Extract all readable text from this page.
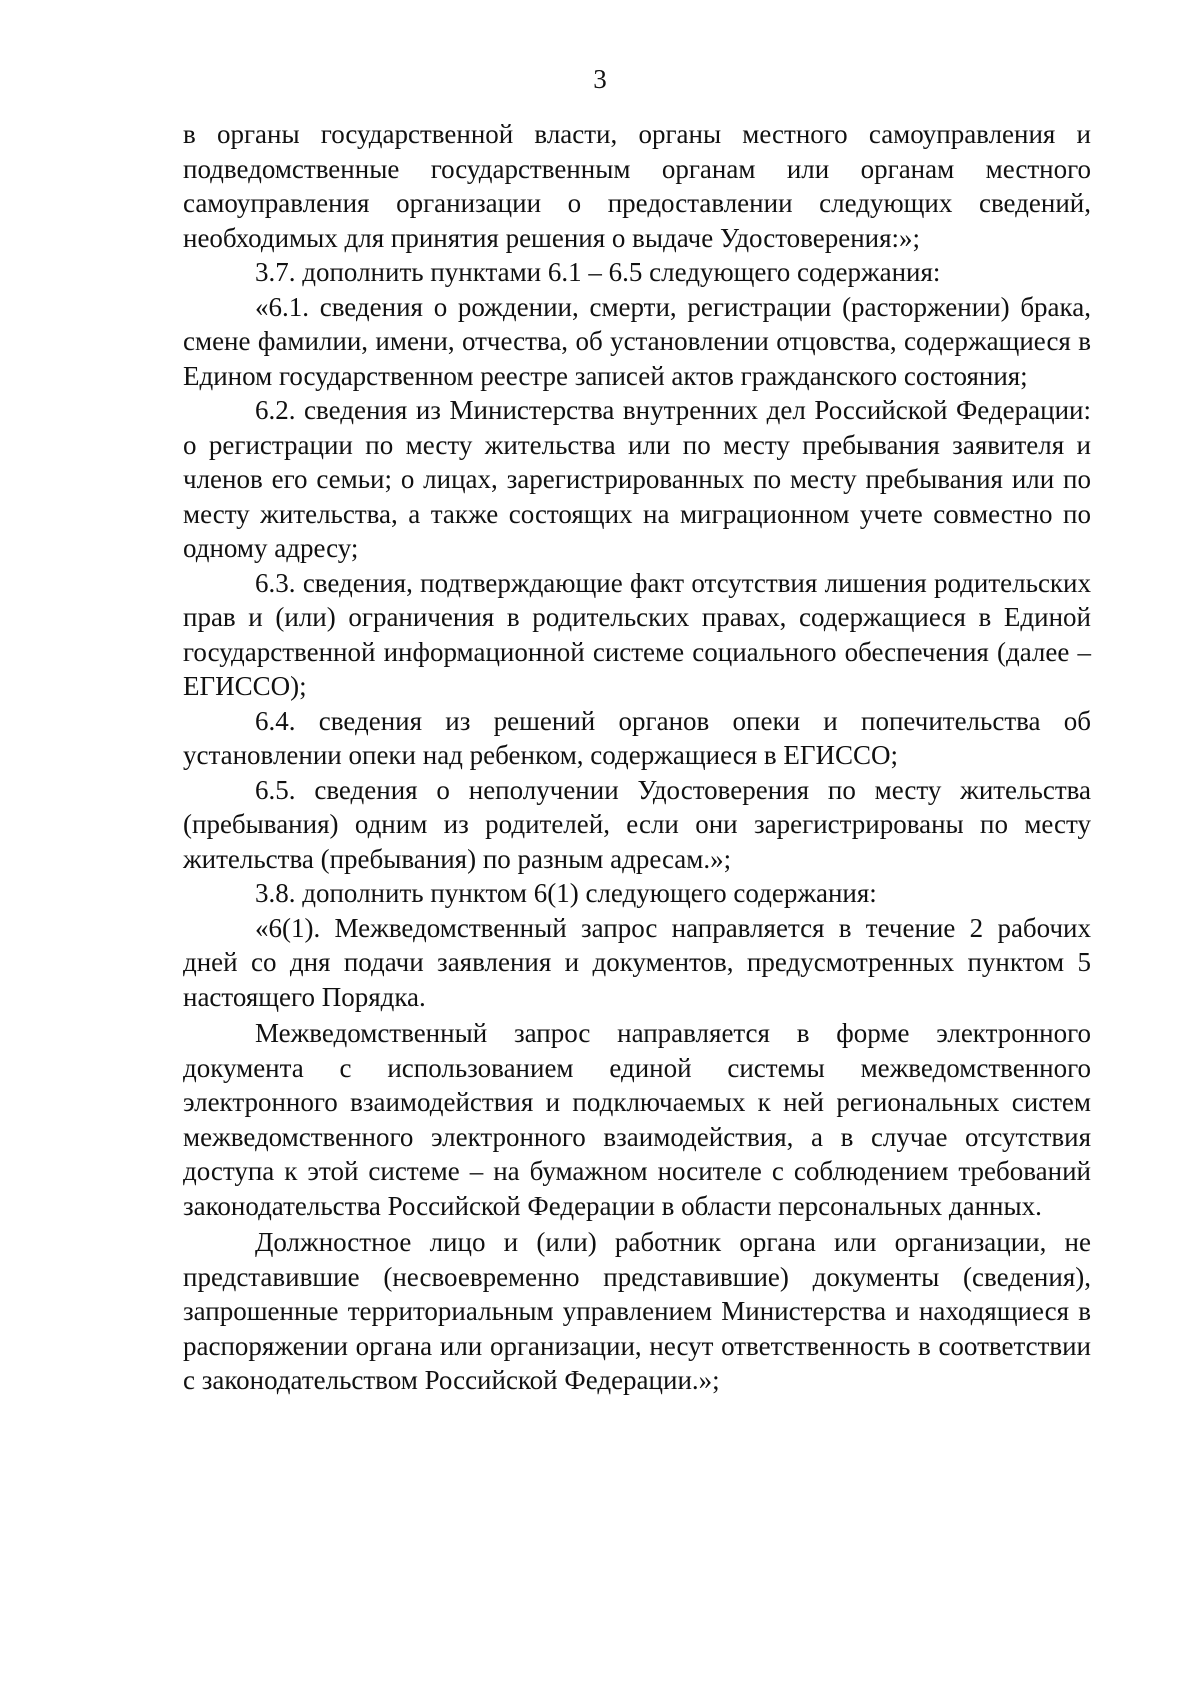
3

в органы государственной власти, органы местного самоуправления и подведомственные государственным органам или органам местного самоуправления организации о предоставлении следующих сведений, необходимых для принятия решения о выдаче Удостоверения:»;

3.7. дополнить пунктами 6.1 – 6.5 следующего содержания:

«6.1. сведения о рождении, смерти, регистрации (расторжении) брака, смене фамилии, имени, отчества, об установлении отцовства, содержащиеся в Едином государственном реестре записей актов гражданского состояния;

6.2. сведения из Министерства внутренних дел Российской Федерации: о регистрации по месту жительства или по месту пребывания заявителя и членов его семьи; о лицах, зарегистрированных по месту пребывания или по месту жительства, а также состоящих на миграционном учете совместно по одному адресу;

6.3. сведения, подтверждающие факт отсутствия лишения родительских прав и (или) ограничения в родительских правах, содержащиеся в Единой государственной информационной системе социального обеспечения (далее – ЕГИССО);

6.4. сведения из решений органов опеки и попечительства об установлении опеки над ребенком, содержащиеся в ЕГИССО;

6.5. сведения о неполучении Удостоверения по месту жительства (пребывания) одним из родителей, если они зарегистрированы по месту жительства (пребывания) по разным адресам.»;

3.8. дополнить пунктом 6(1) следующего содержания:

«6(1). Межведомственный запрос направляется в течение 2 рабочих дней со дня подачи заявления и документов, предусмотренных пунктом 5 настоящего Порядка.

Межведомственный запрос направляется в форме электронного документа с использованием единой системы межведомственного электронного взаимодействия и подключаемых к ней региональных систем межведомственного электронного взаимодействия, а в случае отсутствия доступа к этой системе – на бумажном носителе с соблюдением требований законодательства Российской Федерации в области персональных данных.

Должностное лицо и (или) работник органа или организации, не представившие (несвоевременно представившие) документы (сведения), запрошенные территориальным управлением Министерства и находящиеся в распоряжении органа или организации, несут ответственность в соответствии с законодательством Российской Федерации.»;
